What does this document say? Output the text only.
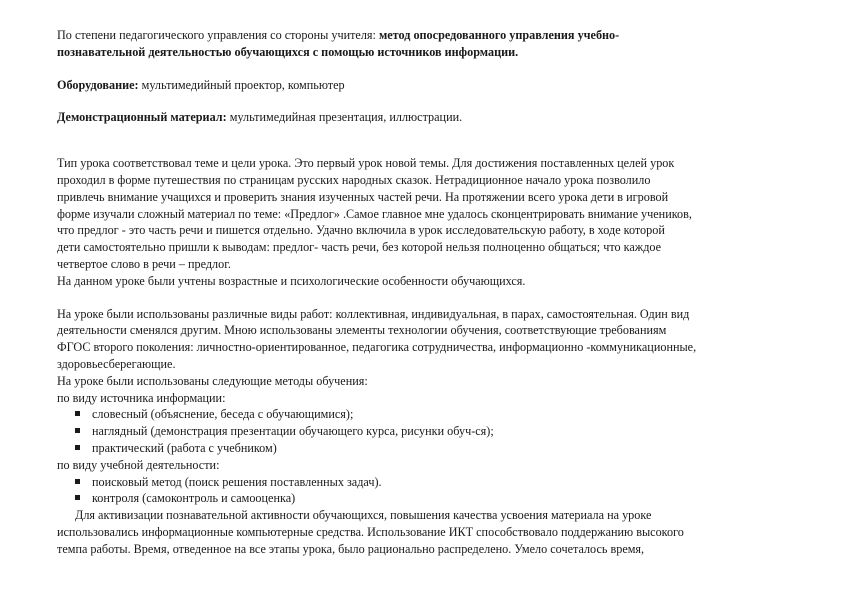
По степени педагогического управления со стороны учителя: метод опосредованного управления учебно-
познавательной деятельностью обучающихся с помощью источников информации.
Оборудование: мультимедийный проектор, компьютер
Демонстрационный материал: мультимедийная презентация, иллюстрации.
Тип урока соответствовал теме и цели урока. Это первый урок новой темы. Для достижения поставленных целей урок
проходил в форме путешествия по страницам русских народных сказок. Нетрадиционное начало урока позволило
привлечь внимание учащихся и проверить знания изученных частей речи. На протяжении всего урока дети в игровой
форме изучали сложный материал по теме: «Предлог» .Самое главное мне удалось сконцентрировать внимание учеников,
что предлог - это часть речи и пишется отдельно. Удачно включила в урок исследовательскую работу, в ходе которой
дети самостоятельно пришли к выводам: предлог- часть речи, без которой нельзя полноценно общаться; что каждое
четвертое слово в речи – предлог.
На данном уроке были учтены возрастные и психологические особенности обучающихся.
На уроке были использованы различные виды работ: коллективная, индивидуальная, в парах, самостоятельная. Один вид
деятельности сменялся другим. Мною использованы элементы технологии обучения, соответствующие требованиям
ФГОС второго поколения: личностно-ориентированное, педагогика сотрудничества, информационно -коммуникационные,
здоровьесберегающие.
На уроке были использованы следующие методы обучения:
по виду источника информации:
словесный (объяснение, беседа с обучающимися);
наглядный (демонстрация презентации обучающего курса, рисунки обуч-ся);
практический (работа с учебником)
по виду учебной деятельности:
поисковый метод (поиск решения поставленных задач).
контроля (самоконтроль и самооценка)
Для активизации познавательной активности обучающихся, повышения качества усвоения материала на уроке
использовались информационные компьютерные средства. Использование ИКТ способствовало поддержанию высокого
темпа работы. Время, отведенное на все этапы урока, было рационально распределено. Умело сочеталось время,
